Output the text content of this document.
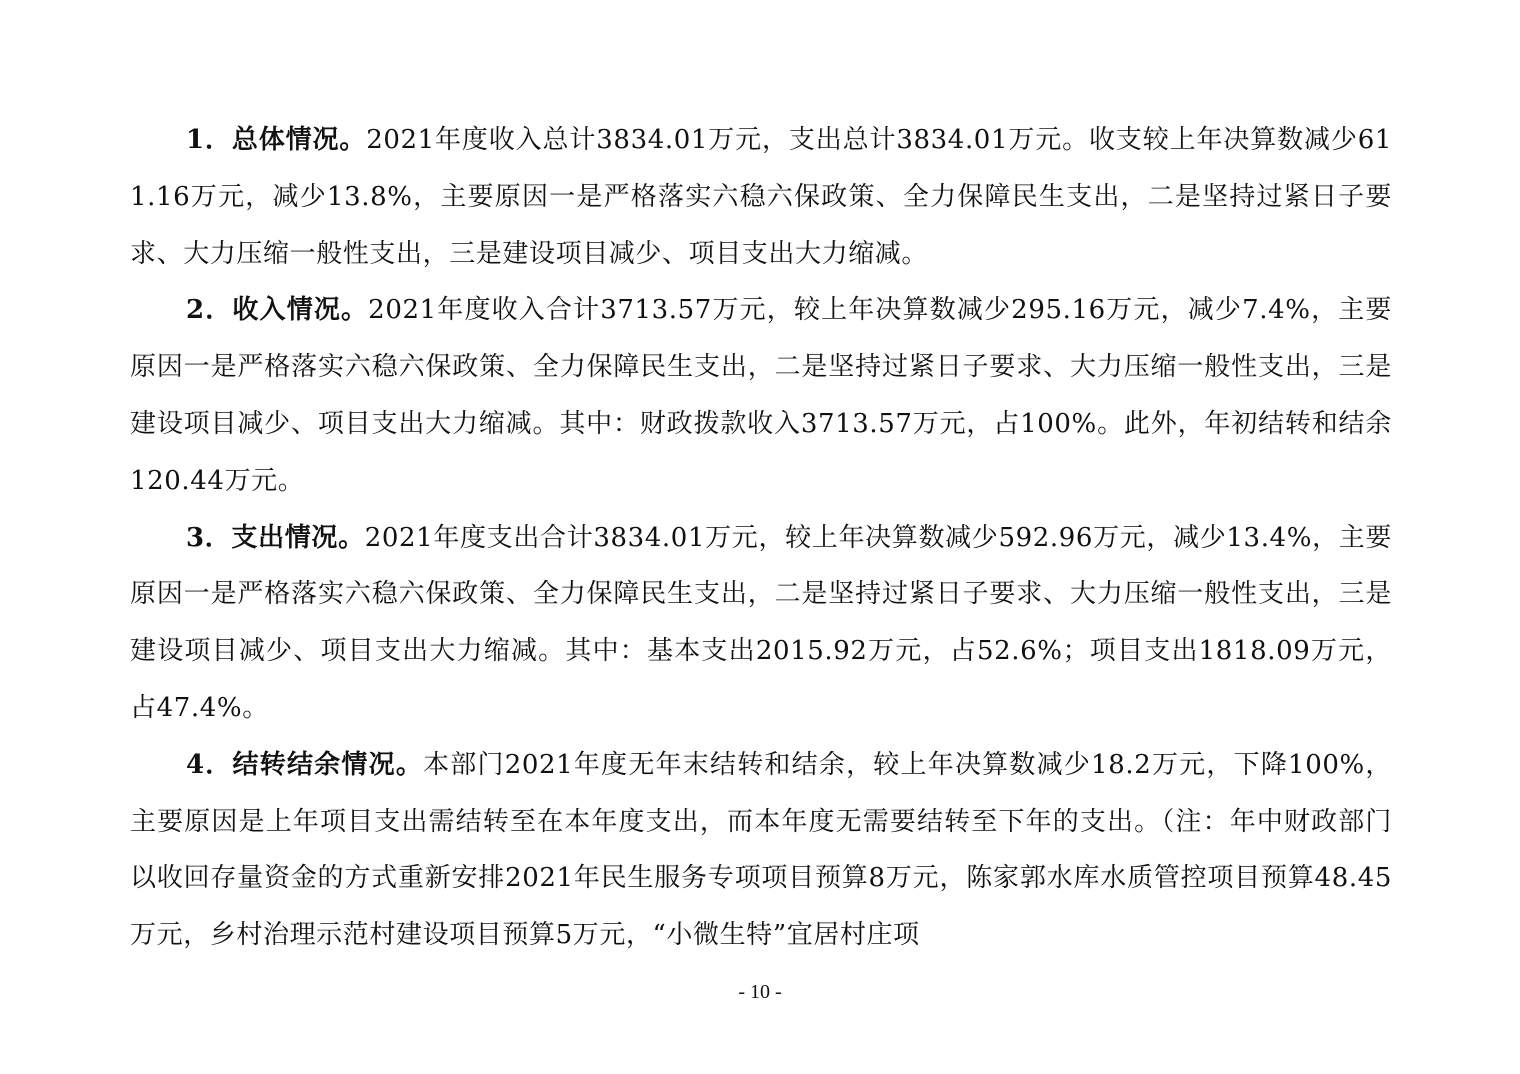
1．总体情况。2021年度收入总计3834.01万元，支出总计3834.01万元。收支较上年决算数减少611.16万元，减少13.8%，主要原因一是严格落实六稳六保政策、全力保障民生支出，二是坚持过紧日子要求、大力压缩一般性支出，三是建设项目减少、项目支出大力缩减。

2．收入情况。2021年度收入合计3713.57万元，较上年决算数减少295.16万元，减少7.4%，主要原因一是严格落实六稳六保政策、全力保障民生支出，二是坚持过紧日子要求、大力压缩一般性支出，三是建设项目减少、项目支出大力缩减。其中：财政拨款收入3713.57万元，占100%。此外，年初结转和结余120.44万元。

3．支出情况。2021年度支出合计3834.01万元，较上年决算数减少592.96万元，减少13.4%，主要原因一是严格落实六稳六保政策、全力保障民生支出，二是坚持过紧日子要求、大力压缩一般性支出，三是建设项目减少、项目支出大力缩减。其中：基本支出2015.92万元，占52.6%；项目支出1818.09万元，占47.4%。

4．结转结余情况。本部门2021年度无年末结转和结余，较上年决算数减少18.2万元，下降100%，主要原因是上年项目支出需结转至在本年度支出，而本年度无需要结转至下年的支出。（注：年中财政部门以收回存量资金的方式重新安排2021年民生服务专项项目预算8万元，陈家郭水库水质管控项目预算48.45万元，乡村治理示范村建设项目预算5万元，“小微生特”宜居村庄项

- 10 -
